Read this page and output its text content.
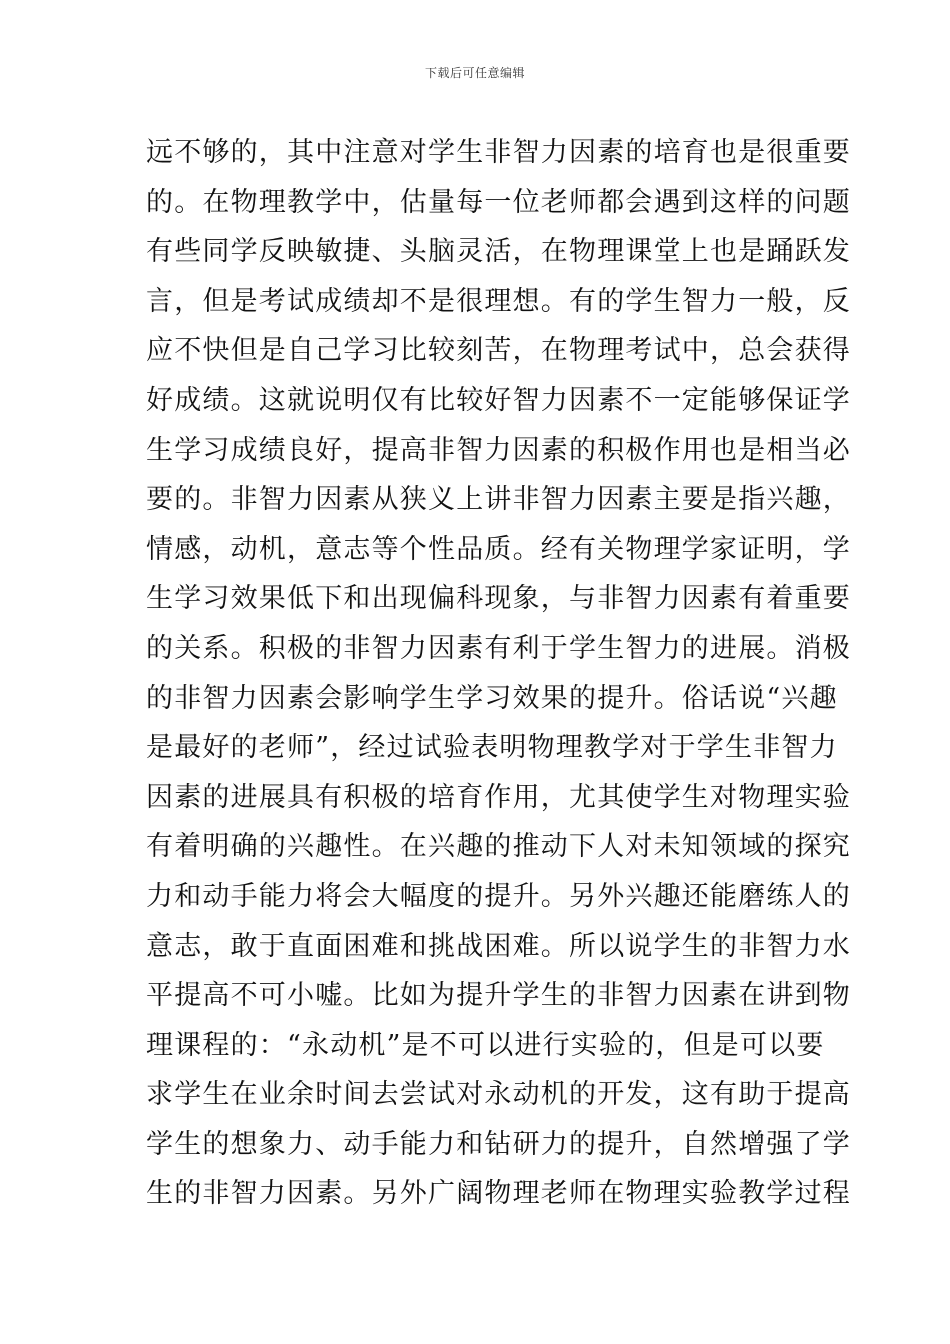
下载后可任意编辑
远不够的，其中注意对学生非智力因素的培育也是很重要
的。在物理教学中，估量每一位老师都会遇到这样的问题
有些同学反映敏捷、头脑灵活，在物理课堂上也是踊跃发
言，但是考试成绩却不是很理想。有的学生智力一般，反
应不快但是自己学习比较刻苦，在物理考试中，总会获得
好成绩。这就说明仅有比较好智力因素不一定能够保证学
生学习成绩良好，提高非智力因素的积极作用也是相当必
要的。非智力因素从狭义上讲非智力因素主要是指兴趣，
情感，动机，意志等个性品质。经有关物理学家证明，学
生学习效果低下和出现偏科现象，与非智力因素有着重要
的关系。积极的非智力因素有利于学生智力的进展。消极
的非智力因素会影响学生学习效果的提升。俗话说“兴趣
是最好的老师”，经过试验表明物理教学对于学生非智力
因素的进展具有积极的培育作用，尤其使学生对物理实验
有着明确的兴趣性。在兴趣的推动下人对未知领域的探究
力和动手能力将会大幅度的提升。另外兴趣还能磨练人的
意志，敢于直面困难和挑战困难。所以说学生的非智力水
平提高不可小嘘。比如为提升学生的非智力因素在讲到物
理课程的：“永动机”是不可以进行实验的，但是可以要
求学生在业余时间去尝试对永动机的开发，这有助于提高
学生的想象力、动手能力和钻研力的提升，自然增强了学
生的非智力因素。另外广阔物理老师在物理实验教学过程
